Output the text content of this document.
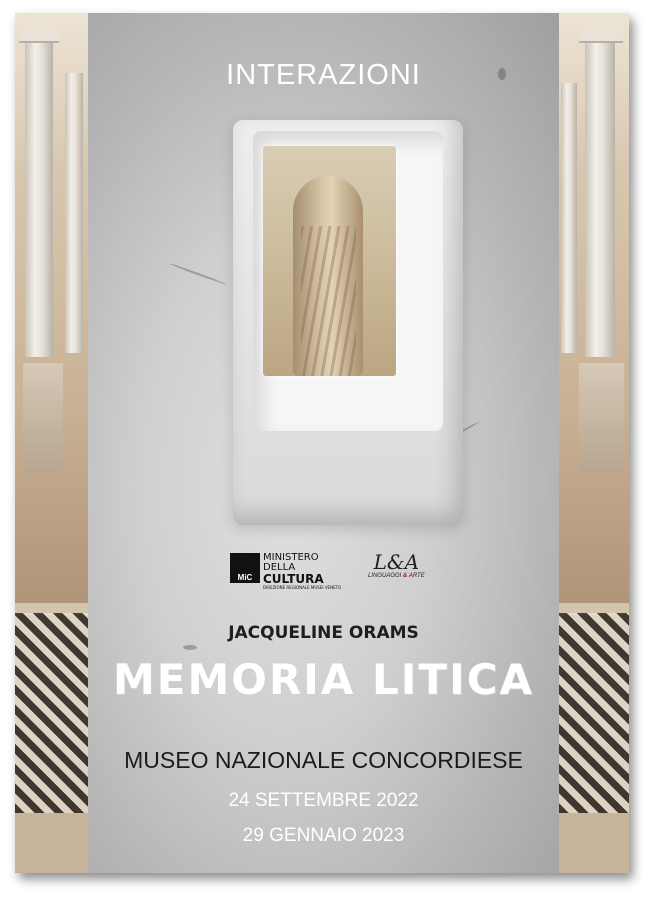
INTERAZIONI
MiC
MINISTERO
DELLA
CULTURA
DIREZIONE REGIONALE MUSEI VENETO
L&A
LINGUAGGI & ARTE
JACQUELINE ORAMS
MEMORIA LITICA
MUSEO NAZIONALE CONCORDIESE
24 SETTEMBRE 2022
29 GENNAIO 2023
